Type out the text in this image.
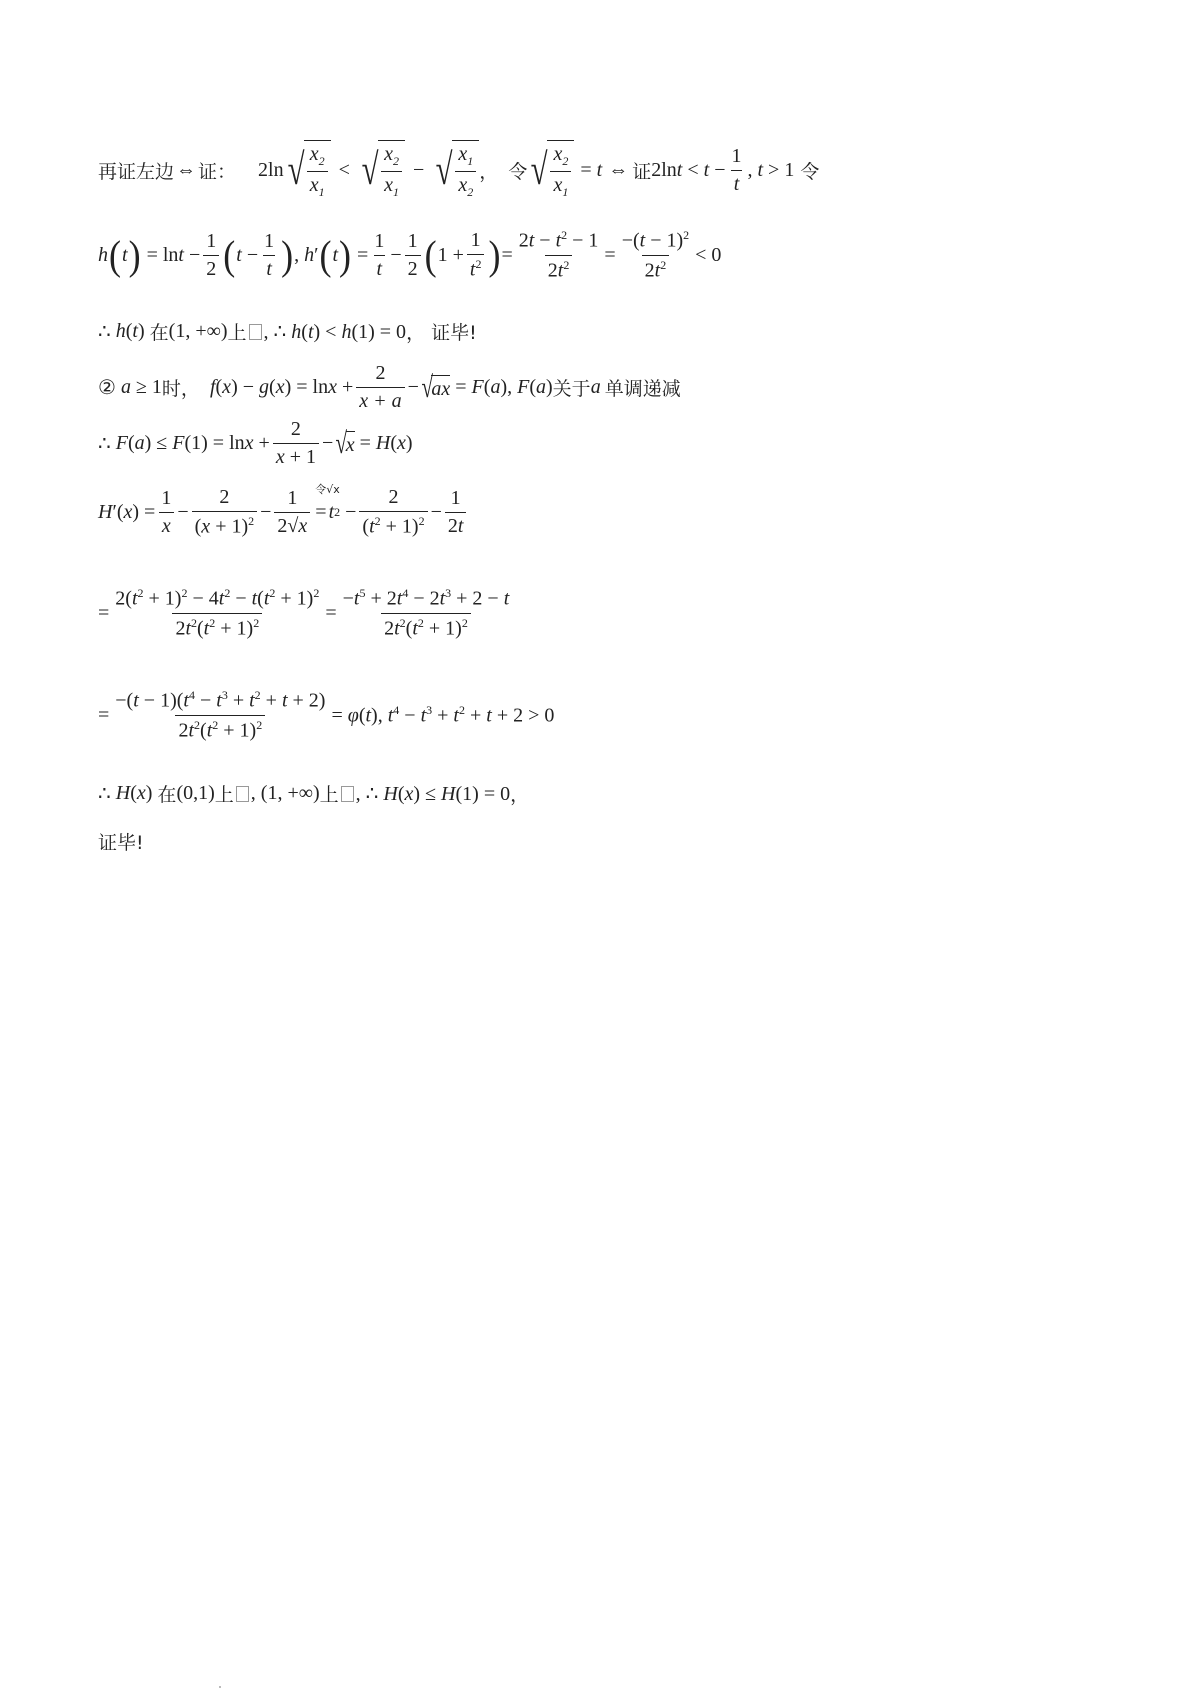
再证左边 ⇔ 证： 2ln √ $\frac{x_2}{x_1}$ < √ $\frac{x_2}{x_1}$ − √ $\frac{x_1}{x_2}$ ， 令 √ $\frac{x_2}{x_1} = t$ ⇔ 证 $2\ln t < t - \frac{1}{t}$ , t > 1 令
h ( t ) = $\ln t - \frac{1}{2}$ ( $t - \frac{1}{t}$ ) , h′ ( t ) = $\frac{1}{t} - \frac{1}{2}$ ( $1 + \frac{1}{t^2}$ ) = $\frac{2t - t^2 - 1}{2t^2} = \frac{-(t - 1)^2}{2t^2} < 0$
∴ h(t) 在 (1, +∞) 上 , ∴ h(t) < h(1) = 0 ， 证毕!
② a ≥ 1 时， $f(x) - g(x) = \ln x + \frac{2}{x + a}$ − √
ax = F(a), F(a) 关于 a 单调递减
∴ $F(a) \le F(1) = \ln x + \frac{2}{x + 1}$ − √
x = H(x)
H $'(x) = \frac{1}{x} - \frac{2}{(x + 1)^2} - \frac{1}{2√x}$ 令√x
= t $2 - \frac{2}{(t^2 + 1)^2} - \frac{1}{2t}$
= $\frac{2(t^2 + 1)^2 - 4t^2 - t(t^2 + 1)^2}{2t^2(t^2 + 1)^2} = \frac{-t^5 + 2t^4 - 2t^3 + 2 - t}{2t^2(t^2 + 1)^2}$
= $\frac{-(t - 1)(t^4 - t^3 + t^2 + t + 2)}{2t^2(t^2 + 1)^2} = \varphi(t)$, $t^4 - t^3 + t^2 + t + 2 > 0$
∴ H(x) 在 (0,1) 上 , (1, +∞) 上 , ∴ H(x) ≤ H(1) = 0 ，
证毕!
